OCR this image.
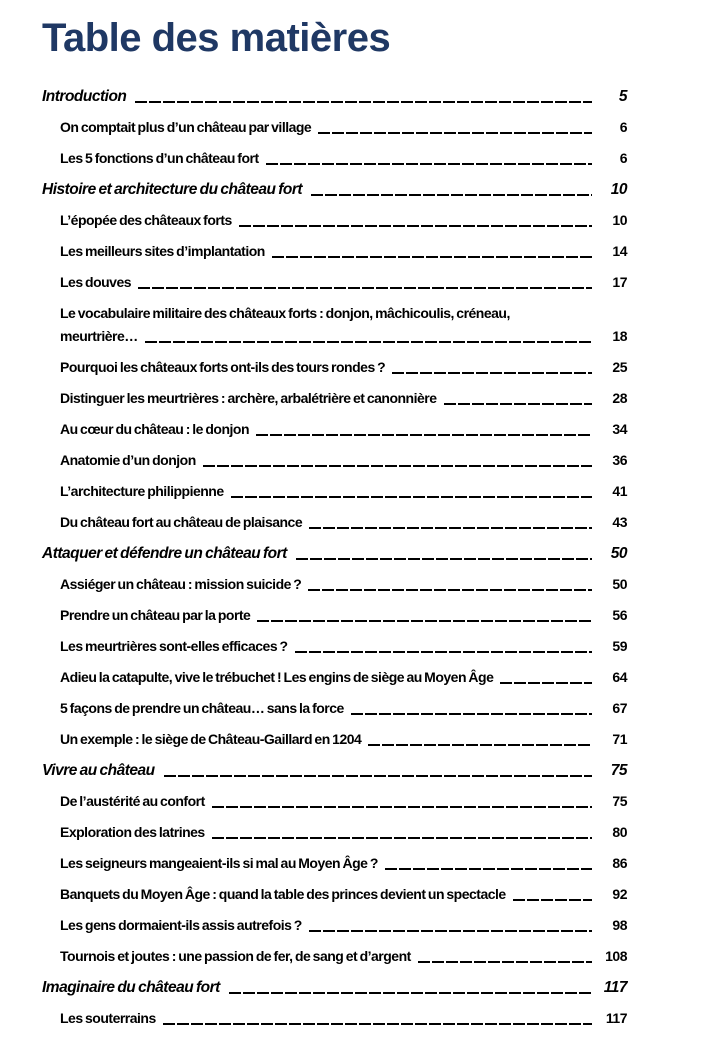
Table des matières
Introduction	5
On comptait plus d’un château par village	6
Les 5 fonctions d’un château fort	6
Histoire et architecture du château fort	10
L’épopée des châteaux forts	10
Les meilleurs sites d’implantation	14
Les douves	17
Le vocabulaire militaire des châteaux forts : donjon, mâchicoulis, créneau,
meurtrière…	18
Pourquoi les châteaux forts ont-ils des tours rondes ?	25
Distinguer les meurtrières : archère, arbalétrière et canonnière	28
Au cœur du château : le donjon	34
Anatomie d’un donjon	36
L’architecture philippienne	41
Du château fort au château de plaisance	43
Attaquer et défendre un château fort	50
Assiéger un château : mission suicide ?	50
Prendre un château par la porte	56
Les meurtrières sont-elles efficaces ?	59
Adieu la catapulte, vive le trébuchet ! Les engins de siège au Moyen Âge	64
5 façons de prendre un château… sans la force	67
Un exemple : le siège de Château-Gaillard en 1204	71
Vivre au château	75
De l’austérité au confort	75
Exploration des latrines	80
Les seigneurs mangeaient-ils si mal au Moyen Âge ?	86
Banquets du Moyen Âge : quand la table des princes devient un spectacle	92
Les gens dormaient-ils assis autrefois ?	98
Tournois et joutes : une passion de fer, de sang et d’argent	108
Imaginaire du château fort	117
Les souterrains	117
